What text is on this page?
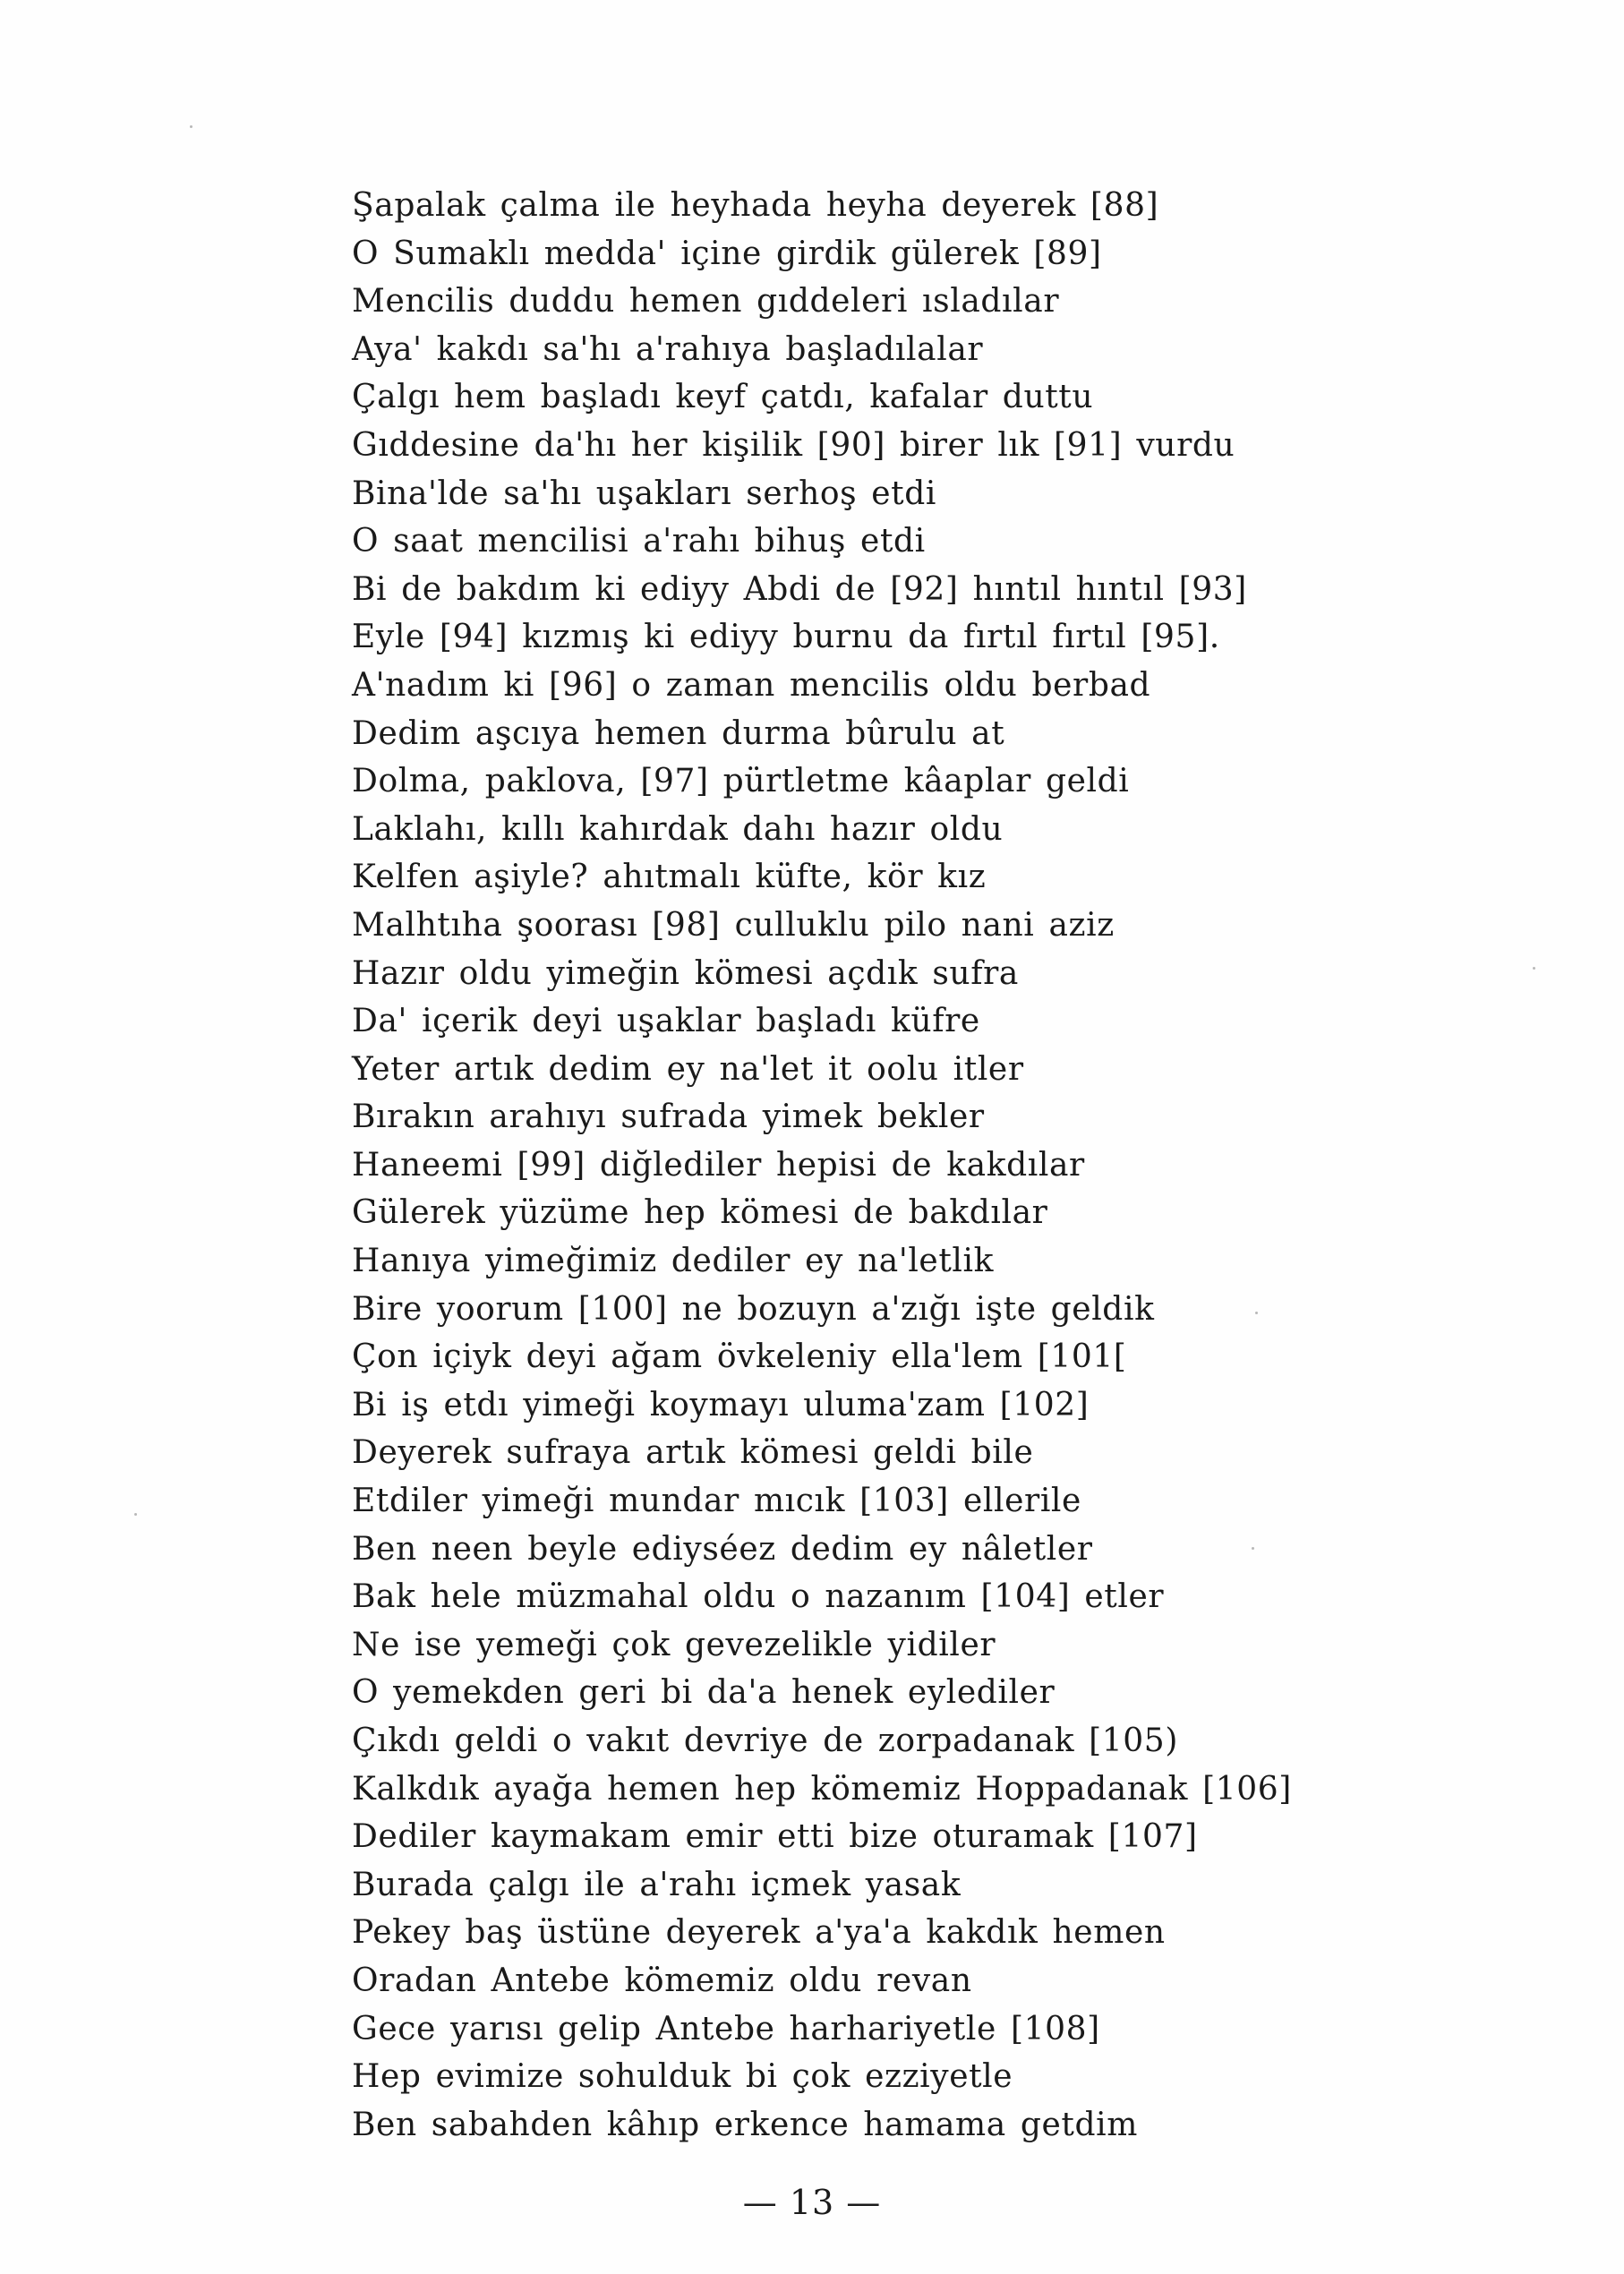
Şapalak çalma ile heyhada heyha deyerek [88]
O Sumaklı medda' içine girdik gülerek [89]
Mencilis duddu hemen gıddeleri ısladılar
Aya' kakdı sa'hı a'rahıya başladılalar
Çalgı hem başladı keyf çatdı, kafalar duttu
Gıddesine da'hı her kişilik [90] birer lık [91] vurdu
Bina'lde sa'hı uşakları serhoş etdi
O saat mencilisi a'rahı bihuş etdi
Bi de bakdım ki ediyy Abdi de [92] hıntıl hıntıl [93]
Eyle [94] kızmış ki ediyy burnu da fırtıl fırtıl [95].
A'nadım ki [96] o zaman mencilis oldu berbad
Dedim aşcıya hemen durma bûrulu at
Dolma, paklova, [97] pürtletme kâaplar geldi
Laklahı, kıllı kahırdak dahı hazır oldu
Kelfen aşiyle? ahıtmalı küfte, kör kız
Malhtıha şoorası [98] culluklu pilo nani aziz
Hazır oldu yimeğin kömesi açdık sufra
Da' içerik deyi uşaklar başladı küfre
Yeter artık dedim ey na'let it oolu itler
Bırakın arahıyı sufrada yimek bekler
Haneemi [99] diğlediler hepisi de kakdılar
Gülerek yüzüme hep kömesi de bakdılar
Hanıya yimeğimiz dediler ey na'letlik
Bire yoorum [100] ne bozuyn a'zığı işte geldik
Çon içiyk deyi ağam övkeleniy ella'lem [101[
Bi iş etdı yimeği koymayı uluma'zam [102]
Deyerek sufraya artık kömesi geldi bile
Etdiler yimeği mundar mıcık [103] ellerile
Ben neen beyle ediyséez dedim ey nâletler
Bak hele müzmahal oldu o nazanım [104] etler
Ne ise yemeği çok gevezelikle yidiler
O yemekden geri bi da'a henek eylediler
Çıkdı geldi o vakıt devriye de zorpadanak [105)
Kalkdık ayağa hemen hep kömemiz Hoppadanak [106]
Dediler kaymakam emir etti bize oturamak [107]
Burada çalgı ile a'rahı içmek yasak
Pekey baş üstüne deyerek a'ya'a kakdık hemen
Oradan Antebe kömemiz oldu revan
Gece yarısı gelip Antebe harhariyetle [108]
Hep evimize sohulduk bi çok ezziyetle
Ben sabahden kâhıp erkence hamama getdim
— 13 —
